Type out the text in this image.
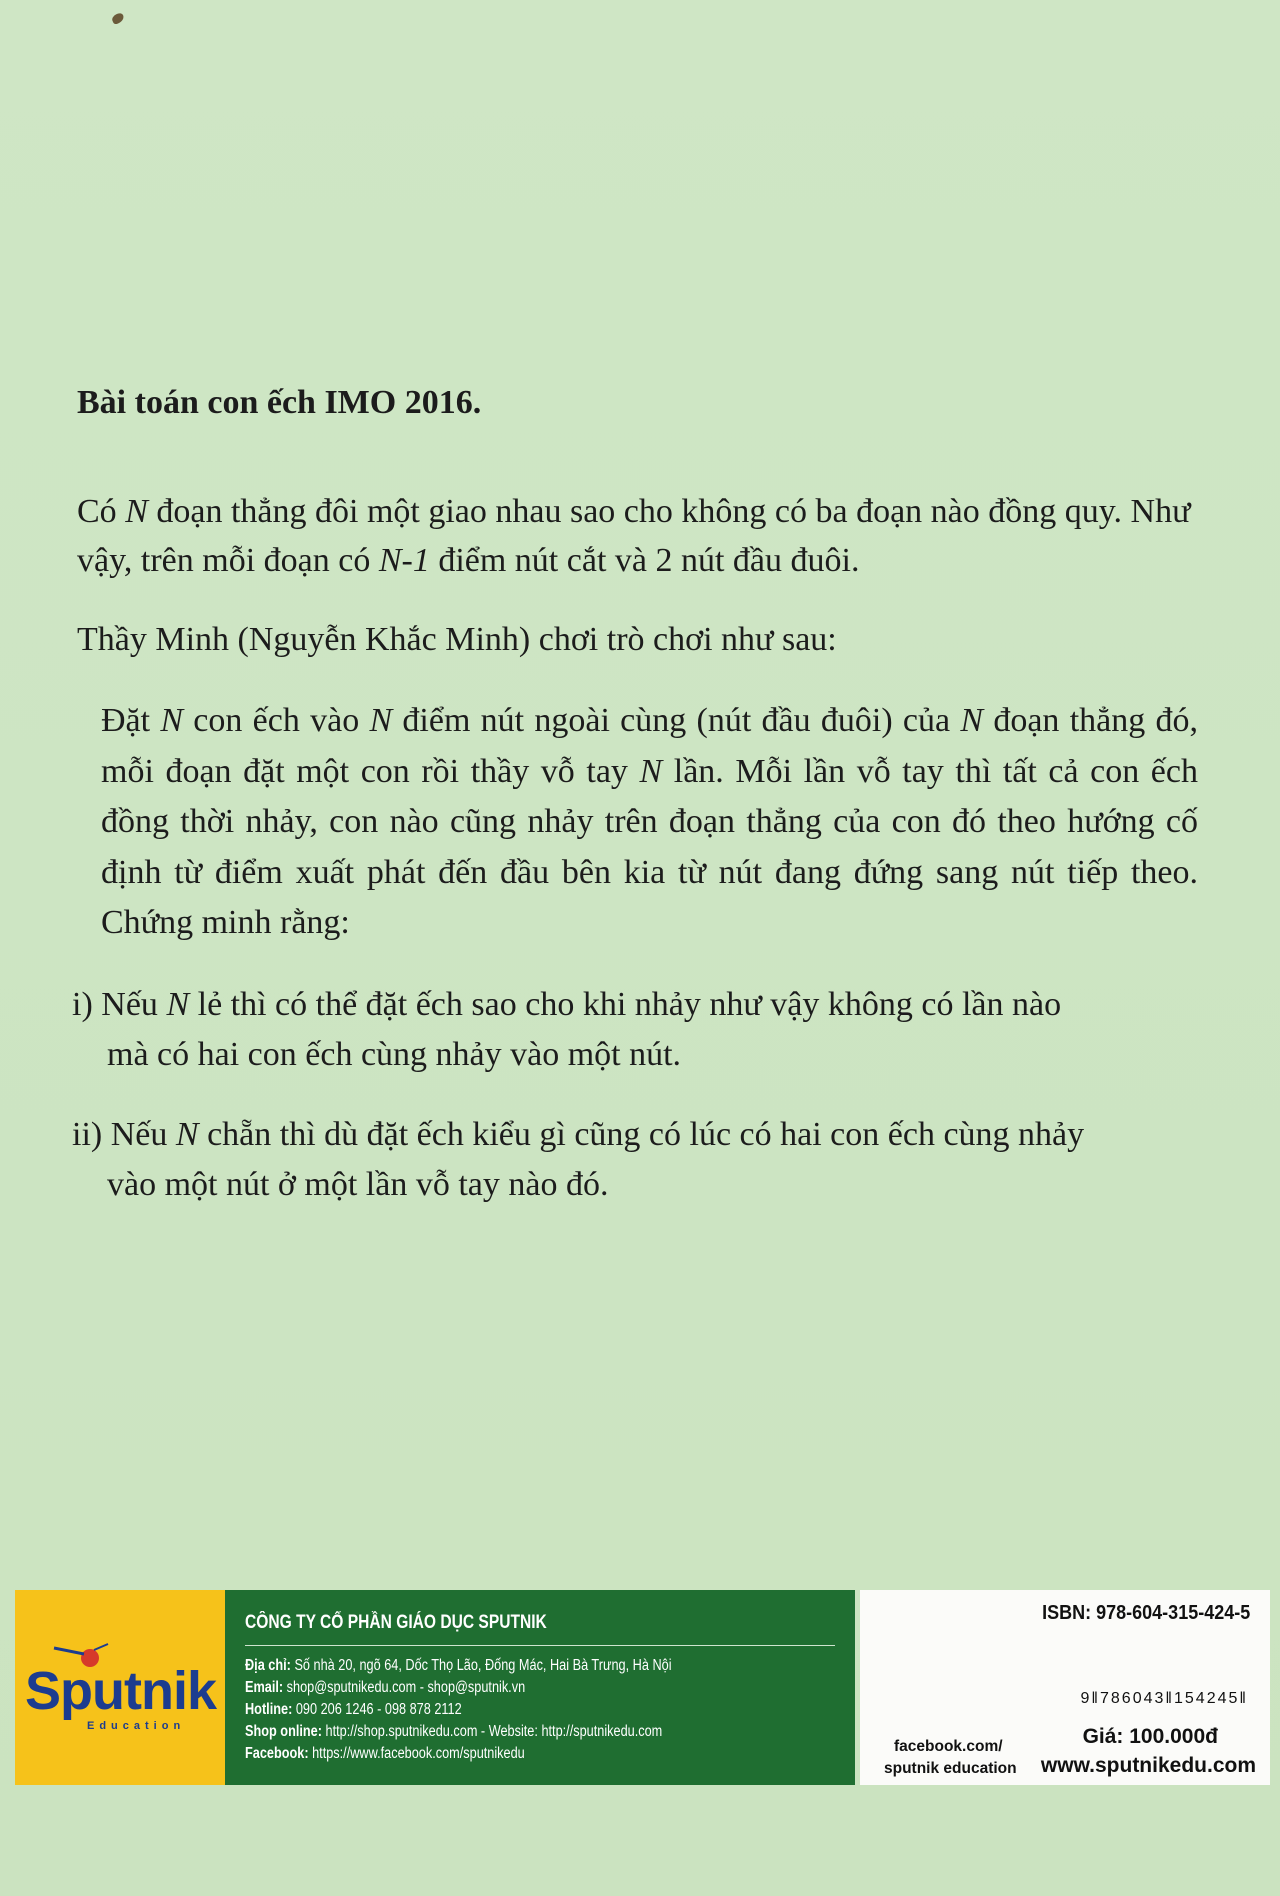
Bài toán con ếch IMO 2016.

Có N đoạn thẳng đôi một giao nhau sao cho không có ba đoạn nào đồng quy. Như vậy, trên mỗi đoạn có N-1 điểm nút cắt và 2 nút đầu đuôi.

Thầy Minh (Nguyễn Khắc Minh) chơi trò chơi như sau:

Đặt N con ếch vào N điểm nút ngoài cùng (nút đầu đuôi) của N đoạn thẳng đó, mỗi đoạn đặt một con rồi thầy vỗ tay N lần. Mỗi lần vỗ tay thì tất cả con ếch đồng thời nhảy, con nào cũng nhảy trên đoạn thẳng của con đó theo hướng cố định từ điểm xuất phát đến đầu bên kia từ nút đang đứng sang nút tiếp theo. Chứng minh rằng:

i) Nếu N lẻ thì có thể đặt ếch sao cho khi nhảy như vậy không có lần nào
mà có hai con ếch cùng nhảy vào một nút.
ii) Nếu N chẵn thì dù đặt ếch kiểu gì cũng có lúc có hai con ếch cùng nhảy
vào một nút ở một lần vỗ tay nào đó.
Sputnik
Education
CÔNG TY CỔ PHẦN GIÁO DỤC SPUTNIK
Địa chỉ: Số nhà 20, ngõ 64, Dốc Thọ Lão, Đống Mác, Hai Bà Trưng, Hà Nội
Email: shop@sputnikedu.com - shop@sputnik.vn
Hotline: 090 206 1246 - 098 878 2112
Shop online: http://shop.sputnikedu.com - Website: http://sputnikedu.com
Facebook: https://www.facebook.com/sputnikedu
ISBN: 978-604-315-424-5
9ǁ786043ǁ154245ǁ
facebook.com/
sputnik education
Giá: 100.000đ
www.sputnikedu.com
